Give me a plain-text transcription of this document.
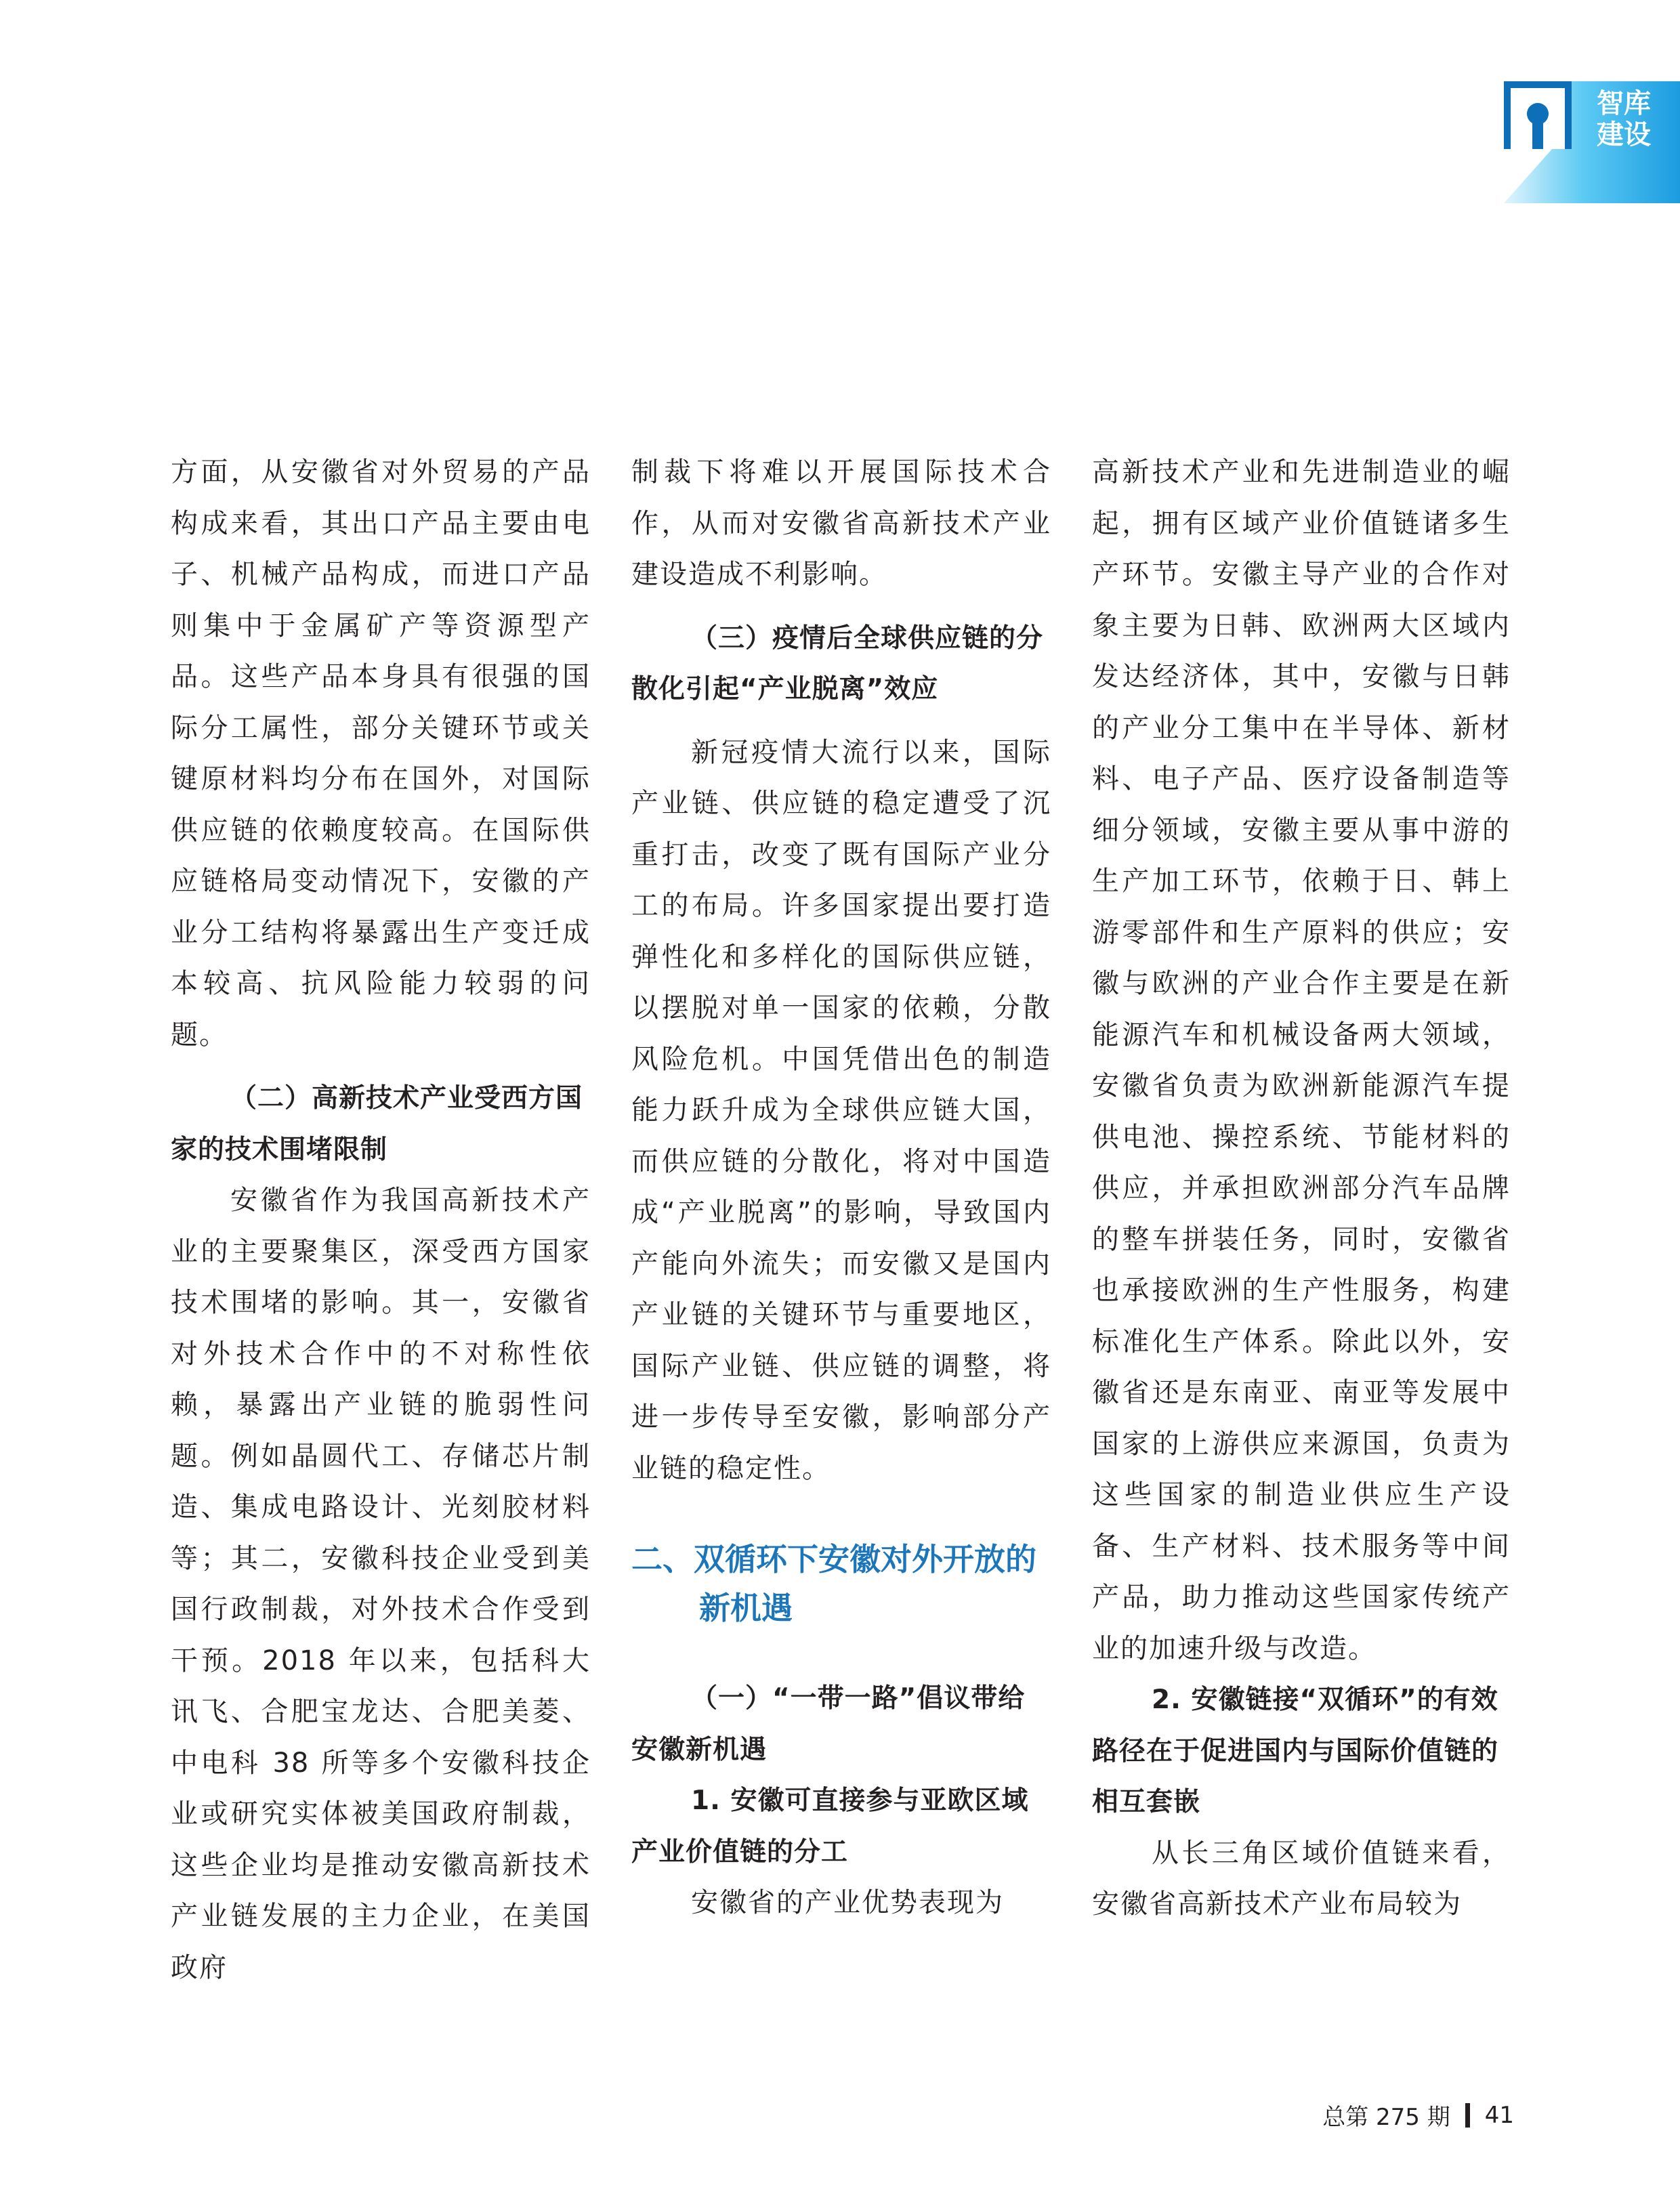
智库
建设

方面，从安徽省对外贸易的产品构成来看，其出口产品主要由电子、机械产品构成，而进口产品则集中于金属矿产等资源型产品。这些产品本身具有很强的国际分工属性，部分关键环节或关键原材料均分布在国外，对国际供应链的依赖度较高。在国际供应链格局变动情况下，安徽的产业分工结构将暴露出生产变迁成本较高、抗风险能力较弱的问题。

（二）高新技术产业受西方国家的技术围堵限制

安徽省作为我国高新技术产业的主要聚集区，深受西方国家技术围堵的影响。其一，安徽省对外技术合作中的不对称性依赖，暴露出产业链的脆弱性问题。例如晶圆代工、存储芯片制造、集成电路设计、光刻胶材料等；其二，安徽科技企业受到美国行政制裁，对外技术合作受到干预。2018 年以来，包括科大讯飞、合肥宝龙达、合肥美菱、中电科 38 所等多个安徽科技企业或研究实体被美国政府制裁，这些企业均是推动安徽高新技术产业链发展的主力企业，在美国政府

制裁下将难以开展国际技术合作，从而对安徽省高新技术产业建设造成不利影响。

（三）疫情后全球供应链的分散化引起“产业脱离”效应

新冠疫情大流行以来，国际产业链、供应链的稳定遭受了沉重打击，改变了既有国际产业分工的布局。许多国家提出要打造弹性化和多样化的国际供应链，以摆脱对单一国家的依赖，分散风险危机。中国凭借出色的制造能力跃升成为全球供应链大国，而供应链的分散化，将对中国造成“产业脱离”的影响，导致国内产能向外流失；而安徽又是国内产业链的关键环节与重要地区，国际产业链、供应链的调整，将进一步传导至安徽，影响部分产业链的稳定性。

二、双循环下安徽对外开放的新机遇

（一）“一带一路”倡议带给安徽新机遇

1. 安徽可直接参与亚欧区域产业价值链的分工

安徽省的产业优势表现为

高新技术产业和先进制造业的崛起，拥有区域产业价值链诸多生产环节。安徽主导产业的合作对象主要为日韩、欧洲两大区域内发达经济体，其中，安徽与日韩的产业分工集中在半导体、新材料、电子产品、医疗设备制造等细分领域，安徽主要从事中游的生产加工环节，依赖于日、韩上游零部件和生产原料的供应；安徽与欧洲的产业合作主要是在新能源汽车和机械设备两大领域，安徽省负责为欧洲新能源汽车提供电池、操控系统、节能材料的供应，并承担欧洲部分汽车品牌的整车拼装任务，同时，安徽省也承接欧洲的生产性服务，构建标准化生产体系。除此以外，安徽省还是东南亚、南亚等发展中国家的上游供应来源国，负责为这些国家的制造业供应生产设备、生产材料、技术服务等中间产品，助力推动这些国家传统产业的加速升级与改造。

2. 安徽链接“双循环”的有效路径在于促进国内与国际价值链的相互套嵌

从长三角区域价值链来看，安徽省高新技术产业布局较为

总第 275 期 41
